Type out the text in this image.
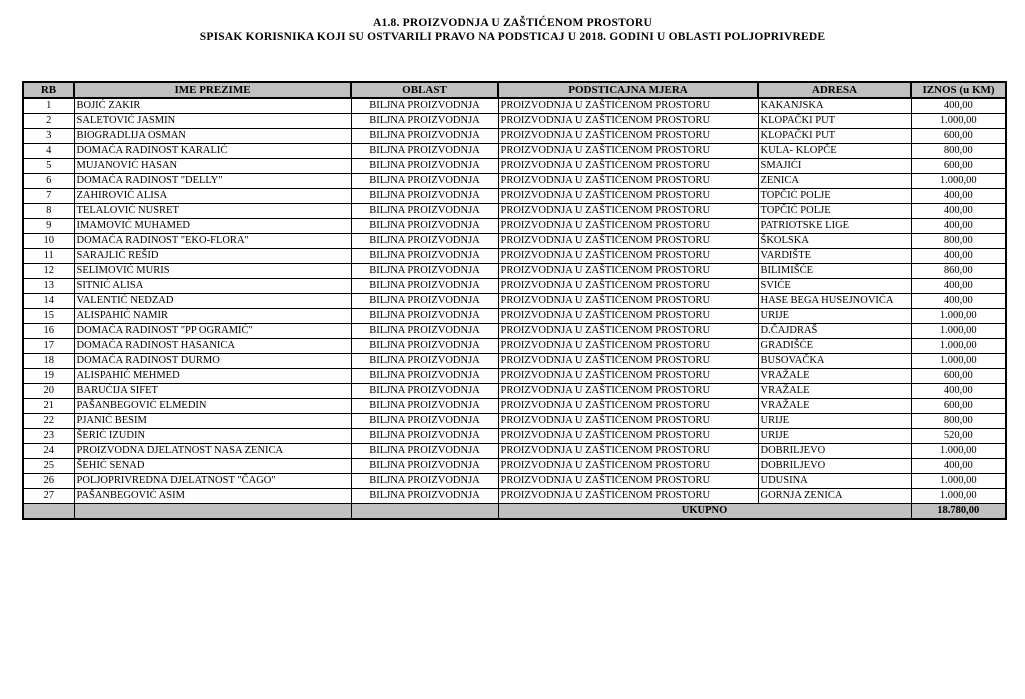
A1.8. PROIZVODNJA U ZAŠTIĆENOM PROSTORU
SPISAK KORISNIKA KOJI SU OSTVARILI PRAVO NA PODSTICAJ U 2018. GODINI U OBLASTI POLJOPRIVREDE
RB	IME PREZIME	OBLAST	PODSTICAJNA MJERA	ADRESA	IZNOS (u KM)
1	BOJIĆ ZAKIR	BILJNA PROIZVODNJA	PROIZVODNJA U ZAŠTIĆENOM PROSTORU	KAKANJSKA	400,00
2	SALETOVIĆ JASMIN	BILJNA PROIZVODNJA	PROIZVODNJA U ZAŠTIĆENOM PROSTORU	KLOPAČKI PUT	1.000,00
3	BIOGRADLIJA OSMAN	BILJNA PROIZVODNJA	PROIZVODNJA U ZAŠTIĆENOM PROSTORU	KLOPAČKI PUT	600,00
4	DOMAĆA RADINOST KARALIĆ	BILJNA PROIZVODNJA	PROIZVODNJA U ZAŠTIĆENOM PROSTORU	KULA- KLOPČE	800,00
5	MUJANOVIĆ HASAN	BILJNA PROIZVODNJA	PROIZVODNJA U ZAŠTIĆENOM PROSTORU	SMAJIĆI	600,00
6	DOMAĆA RADINOST "DELLY"	BILJNA PROIZVODNJA	PROIZVODNJA U ZAŠTIĆENOM PROSTORU	ZENICA	1.000,00
7	ZAHIROVIĆ ALISA	BILJNA PROIZVODNJA	PROIZVODNJA U ZAŠTIĆENOM PROSTORU	TOPČIĆ POLJE	400,00
8	TELALOVIĆ NUSRET	BILJNA PROIZVODNJA	PROIZVODNJA U ZAŠTIĆENOM PROSTORU	TOPČIĆ POLJE	400,00
9	IMAMOVIĆ MUHAMED	BILJNA PROIZVODNJA	PROIZVODNJA U ZAŠTIĆENOM PROSTORU	PATRIOTSKE LIGE	400,00
10	DOMAĆA RADINOST "EKO-FLORA"	BILJNA PROIZVODNJA	PROIZVODNJA U ZAŠTIĆENOM PROSTORU	ŠKOLSKA	800,00
11	SARAJLIĆ REŠID	BILJNA PROIZVODNJA	PROIZVODNJA U ZAŠTIĆENOM PROSTORU	VARDIŠTE	400,00
12	SELIMOVIĆ MURIS	BILJNA PROIZVODNJA	PROIZVODNJA U ZAŠTIĆENOM PROSTORU	BILIMIŠĆE	860,00
13	SITNIĆ ALISA	BILJNA PROIZVODNJA	PROIZVODNJA U ZAŠTIĆENOM PROSTORU	SVIĆE	400,00
14	VALENTIĆ NEDZAD	BILJNA PROIZVODNJA	PROIZVODNJA U ZAŠTIĆENOM PROSTORU	HASE BEGA HUSEJNOVIĆA	400,00
15	ALISPAHIĆ NAMIR	BILJNA PROIZVODNJA	PROIZVODNJA U ZAŠTIĆENOM PROSTORU	URIJE	1.000,00
16	DOMAĆA RADINOST "PP OGRAMIĆ"	BILJNA PROIZVODNJA	PROIZVODNJA U ZAŠTIĆENOM PROSTORU	D.ČAJDRAŠ	1.000,00
17	DOMAĆA RADINOST HASANICA	BILJNA PROIZVODNJA	PROIZVODNJA U ZAŠTIĆENOM PROSTORU	GRADIŠĆE	1.000,00
18	DOMAĆA RADINOST DURMO	BILJNA PROIZVODNJA	PROIZVODNJA U ZAŠTIĆENOM PROSTORU	BUSOVAČKA	1.000,00
19	ALISPAHIĆ MEHMED	BILJNA PROIZVODNJA	PROIZVODNJA U ZAŠTIĆENOM PROSTORU	VRAŽALE	600,00
20	BARUĆIJA SIFET	BILJNA PROIZVODNJA	PROIZVODNJA U ZAŠTIĆENOM PROSTORU	VRAŽALE	400,00
21	PAŠANBEGOVIĆ ELMEDIN	BILJNA PROIZVODNJA	PROIZVODNJA U ZAŠTIĆENOM PROSTORU	VRAŽALE	600,00
22	PJANIĆ BESIM	BILJNA PROIZVODNJA	PROIZVODNJA U ZAŠTIĆENOM PROSTORU	URIJE	800,00
23	ŠERIĆ IZUDIN	BILJNA PROIZVODNJA	PROIZVODNJA U ZAŠTIĆENOM PROSTORU	URIJE	520,00
24	PROIZVODNA DJELATNOST NASA ZENICA	BILJNA PROIZVODNJA	PROIZVODNJA U ZAŠTIĆENOM PROSTORU	DOBRILJEVO	1.000,00
25	ŠEHIĆ SENAD	BILJNA PROIZVODNJA	PROIZVODNJA U ZAŠTIĆENOM PROSTORU	DOBRILJEVO	400,00
26	POLJOPRIVREDNA DJELATNOST "ČAGO"	BILJNA PROIZVODNJA	PROIZVODNJA U ZAŠTIĆENOM PROSTORU	UDUSINA	1.000,00
27	PAŠANBEGOVIĆ ASIM	BILJNA PROIZVODNJA	PROIZVODNJA U ZAŠTIĆENOM PROSTORU	GORNJA ZENICA	1.000,00
			UKUPNO		18.780,00
